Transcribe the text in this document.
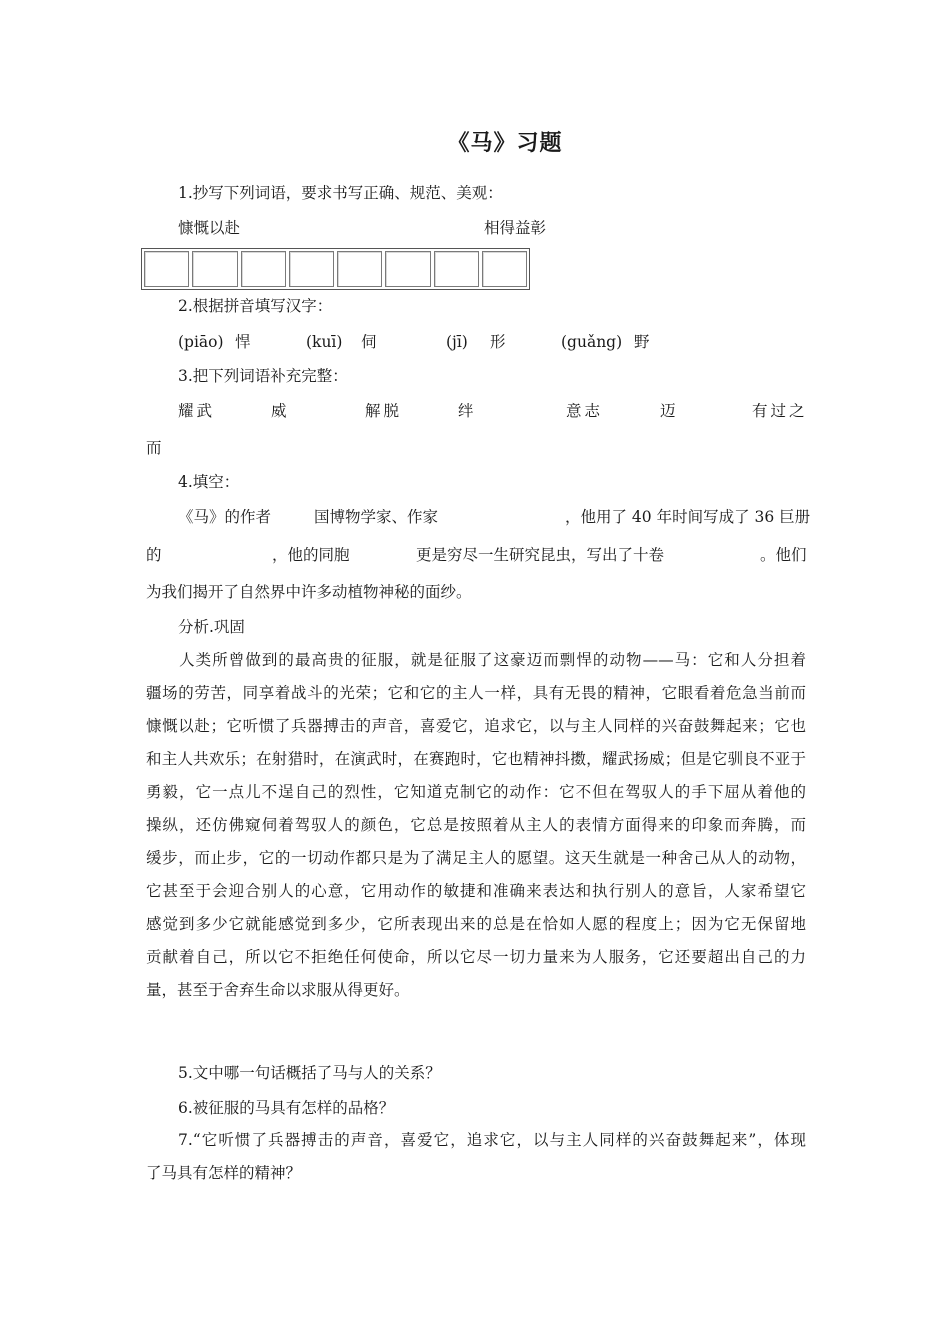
《马》习题
1.抄写下列词语，要求书写正确、规范、美观：
慷慨以赴	相得益彰
2.根据拼音填写汉字：
(piāo) 悍	(kuī) 伺	(jī) 形	(guǎng) 野
3.把下列词语补充完整：
耀武	威	解脱	绊	意志	迈	有过之
而
4.填空：
《马》的作者	国博物学家、作家	，他用了 40 年时间写成了 36 巨册
的	，他的同胞	更是穷尽一生研究昆虫，写出了十卷	。他们
为我们揭开了自然界中许多动植物神秘的面纱。
分析.巩固
　　人类所曾做到的最高贵的征服，就是征服了这豪迈而剽悍的动物——马：它和人分担着
疆场的劳苦，同享着战斗的光荣；它和它的主人一样，具有无畏的精神，它眼看着危急当前而
慷慨以赴；它听惯了兵器搏击的声音，喜爱它，追求它，以与主人同样的兴奋鼓舞起来；它也
和主人共欢乐；在射猎时，在演武时，在赛跑时，它也精神抖擞，耀武扬威；但是它驯良不亚于
勇毅，它一点儿不逞自己的烈性，它知道克制它的动作：它不但在驾驭人的手下屈从着他的
操纵，还仿佛窥伺着驾驭人的颜色，它总是按照着从主人的表情方面得来的印象而奔腾，而
缓步，而止步，它的一切动作都只是为了满足主人的愿望。这天生就是一种舍己从人的动物，
它甚至于会迎合别人的心意，它用动作的敏捷和准确来表达和执行别人的意旨，人家希望它
感觉到多少它就能感觉到多少，它所表现出来的总是在恰如人愿的程度上；因为它无保留地
贡献着自己，所以它不拒绝任何使命，所以它尽一切力量来为人服务，它还要超出自己的力
量，甚至于舍弃生命以求服从得更好。
5.文中哪一句话概括了马与人的关系？
6.被征服的马具有怎样的品格？
7.“它听惯了兵器搏击的声音，喜爱它，追求它，以与主人同样的兴奋鼓舞起来”，体现
了马具有怎样的精神？
